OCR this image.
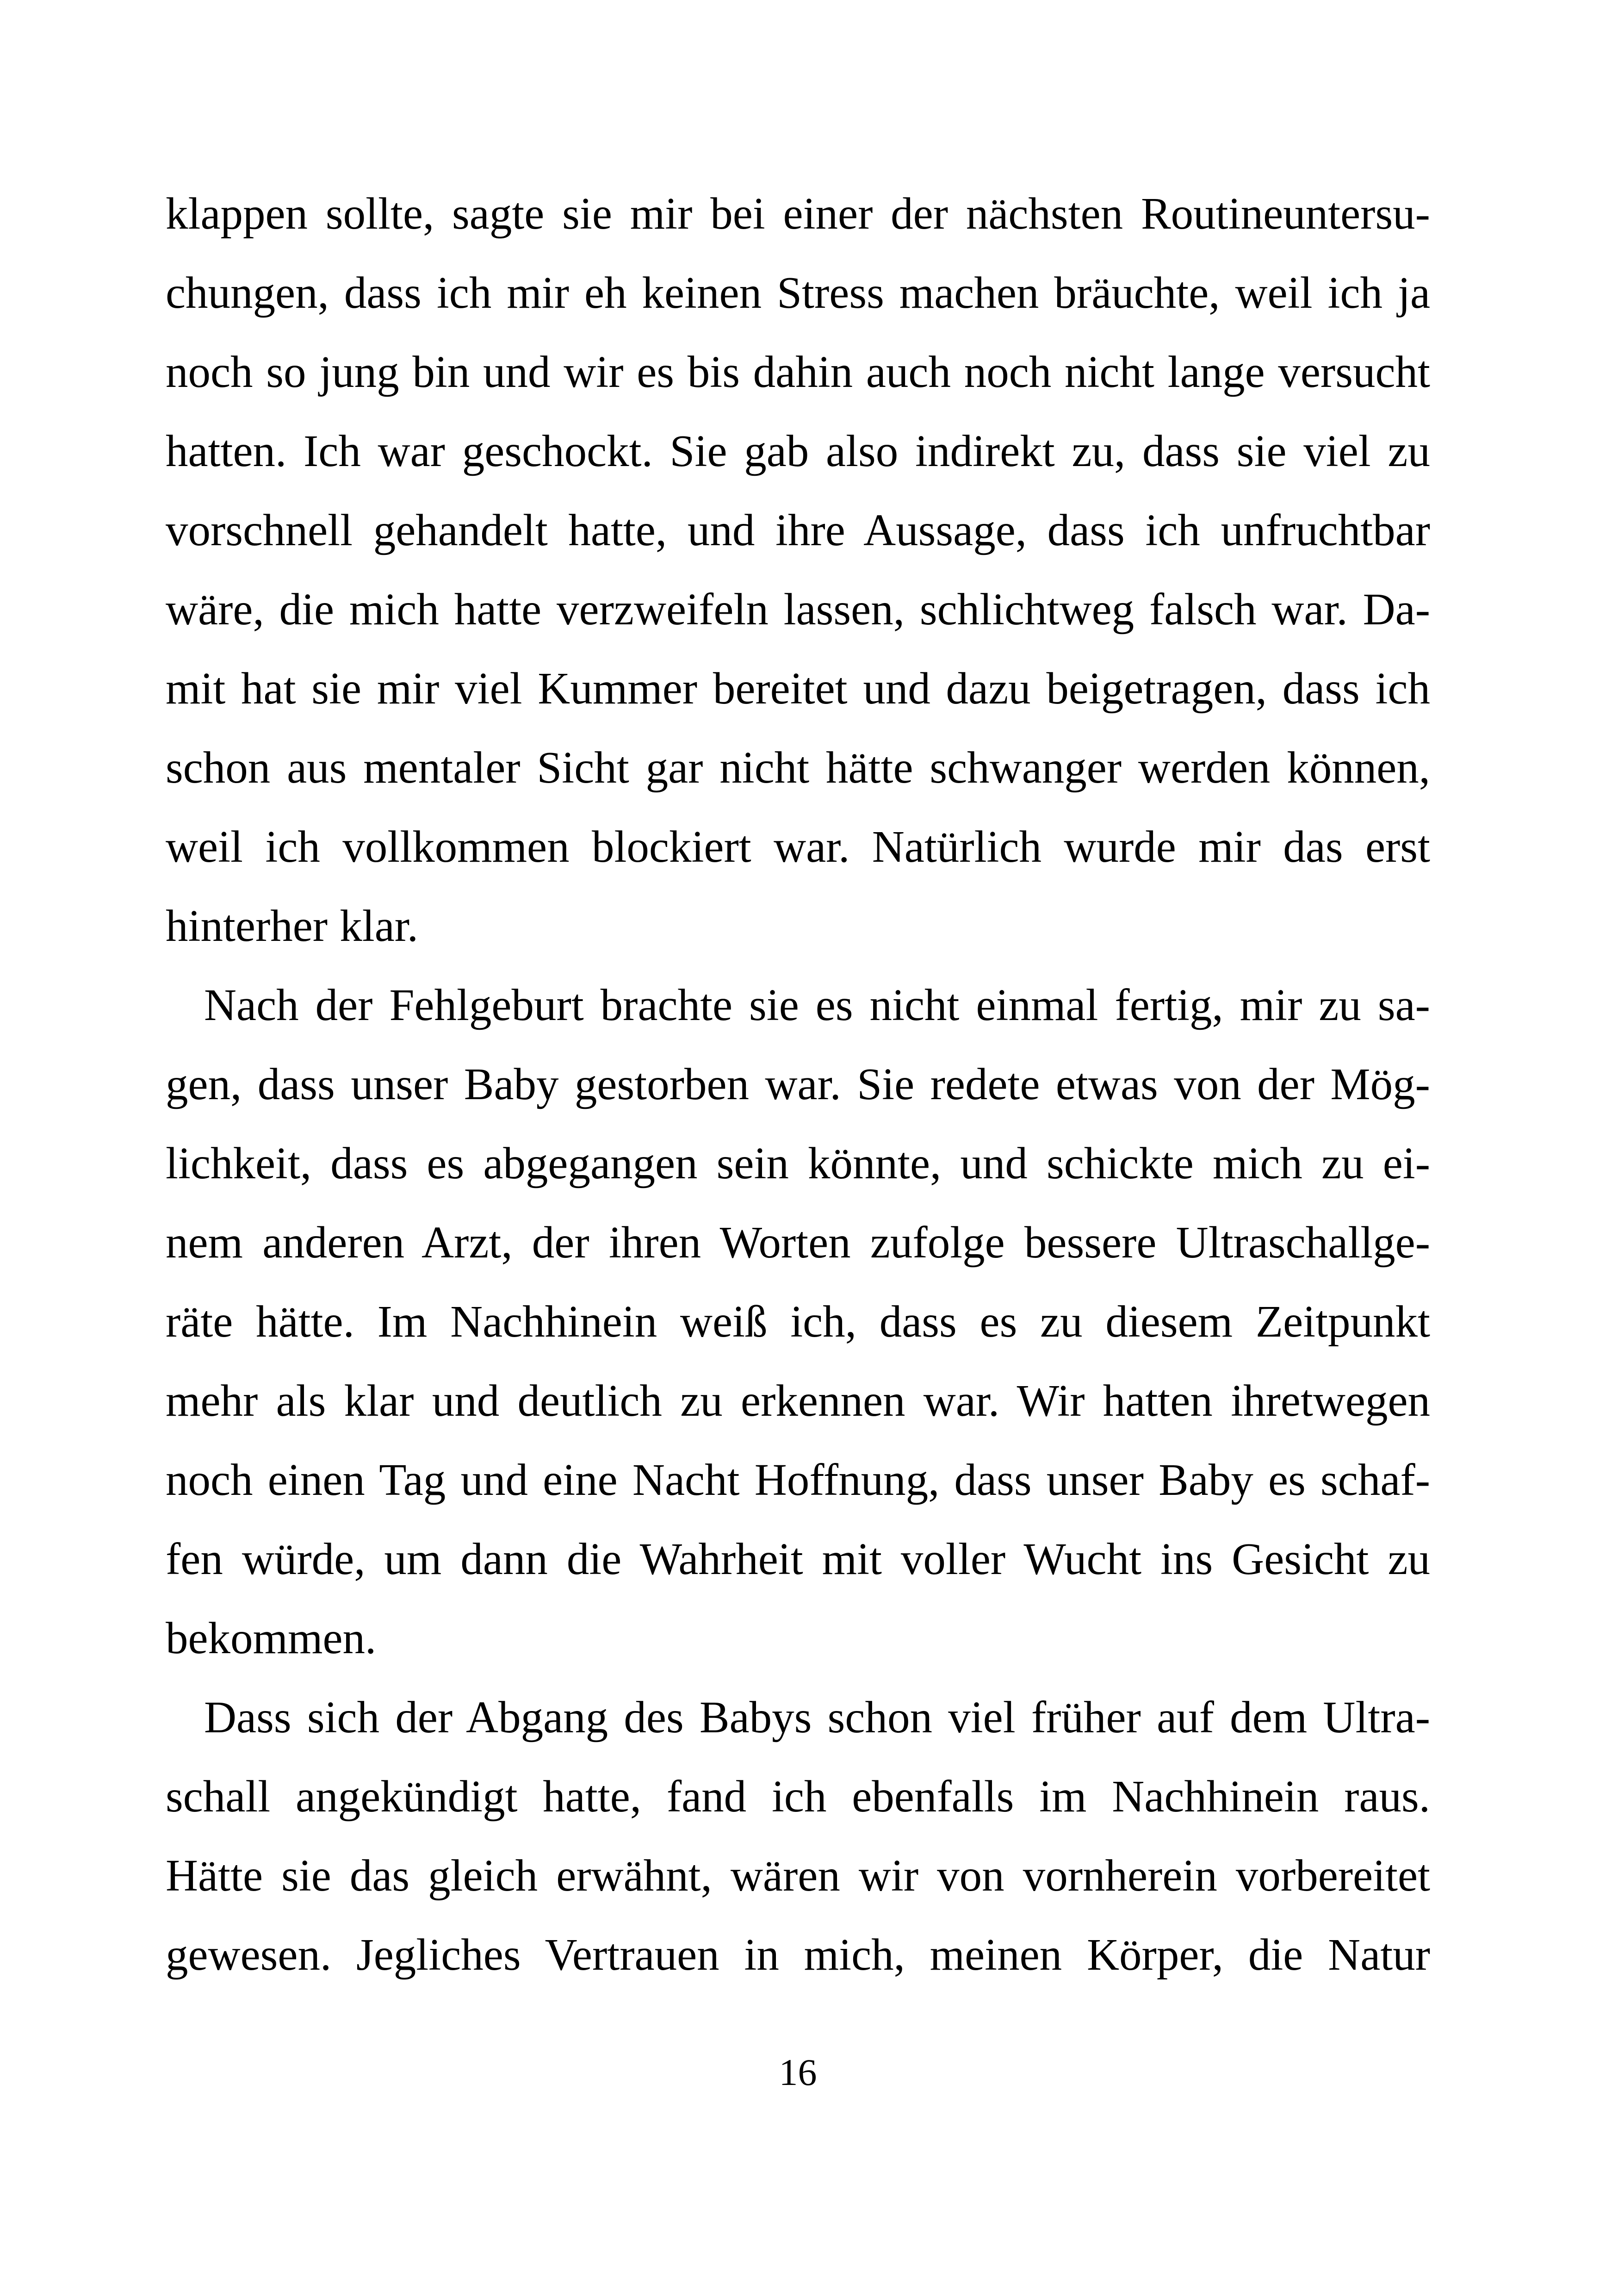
klappen sollte, sagte sie mir bei einer der nächsten Routineuntersu-
chungen, dass ich mir eh keinen Stress machen bräuchte, weil ich ja
noch so jung bin und wir es bis dahin auch noch nicht lange versucht
hatten. Ich war geschockt. Sie gab also indirekt zu, dass sie viel zu
vorschnell gehandelt hatte, und ihre Aussage, dass ich unfruchtbar
wäre, die mich hatte verzweifeln lassen, schlichtweg falsch war. Da-
mit hat sie mir viel Kummer bereitet und dazu beigetragen, dass ich
schon aus mentaler Sicht gar nicht hätte schwanger werden können,
weil ich vollkommen blockiert war. Natürlich wurde mir das erst
hinterher klar.
Nach der Fehlgeburt brachte sie es nicht einmal fertig, mir zu sa-
gen, dass unser Baby gestorben war. Sie redete etwas von der Mög-
lichkeit, dass es abgegangen sein könnte, und schickte mich zu ei-
nem anderen Arzt, der ihren Worten zufolge bessere Ultraschallge-
räte hätte. Im Nachhinein weiß ich, dass es zu diesem Zeitpunkt
mehr als klar und deutlich zu erkennen war. Wir hatten ihretwegen
noch einen Tag und eine Nacht Hoffnung, dass unser Baby es schaf-
fen würde, um dann die Wahrheit mit voller Wucht ins Gesicht zu
bekommen.
Dass sich der Abgang des Babys schon viel früher auf dem Ultra-
schall angekündigt hatte, fand ich ebenfalls im Nachhinein raus.
Hätte sie das gleich erwähnt, wären wir von vornherein vorbereitet
gewesen. Jegliches Vertrauen in mich, meinen Körper, die Natur
16
